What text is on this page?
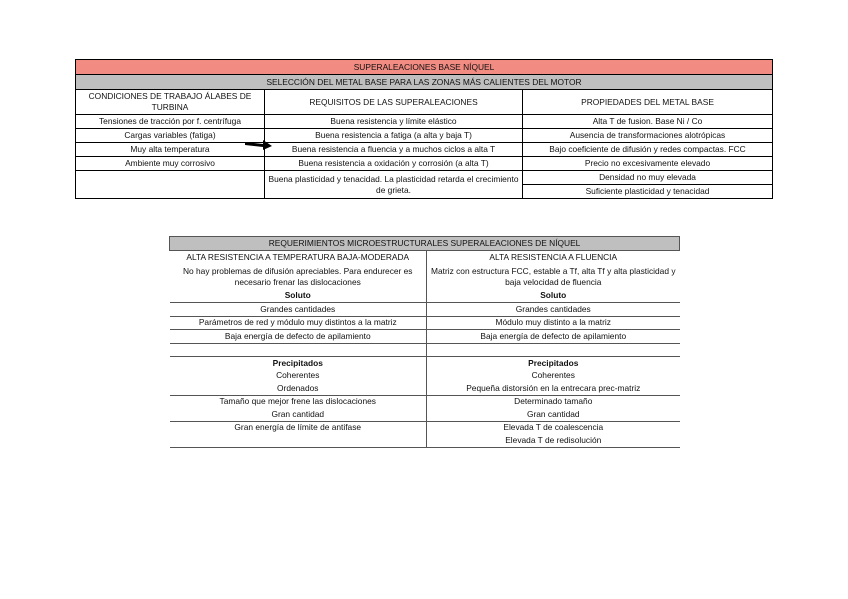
SUPERALEACIONES BASE NÍQUEL		
SELECCIÓN DEL METAL BASE PARA LAS ZONAS MÁS CALIENTES DEL MOTOR		
CONDICIONES DE TRABAJO ÁLABES DE TURBINA	REQUISITOS DE LAS SUPERALEACIONES	PROPIEDADES DEL METAL BASE
Tensiones de tracción por f. centrífuga	Buena resistencia y límite elástico	Alta T de fusion. Base Ni / Co
Cargas variables (fatiga)	Buena resistencia a fatiga (a alta y baja T)	Ausencia de transformaciones alotrópicas
Muy alta temperatura	Buena resistencia a fluencia y a muchos ciclos a alta T	Bajo coeficiente de difusión y redes compactas. FCC
Ambiente muy corrosivo	Buena resistencia a oxidación y corrosión (a alta T)	Precio no excesivamente elevado
	Buena plasticidad y tenacidad. La plasticidad retarda el crecimiento de grieta.	Densidad no muy elevada
		Suficiente plasticidad y tenacidad
REQUERIMIENTOS MICROESTRUCTURALES SUPERALEACIONES DE NÍQUEL	
ALTA RESISTENCIA A TEMPERATURA BAJA-MODERADA	ALTA RESISTENCIA A FLUENCIA
No hay problemas de difusión apreciables. Para endurecer es necesario frenar las dislocaciones	Matriz con estructura FCC, estable a Tf, alta Tf y alta plasticidad y baja velocidad de fluencia
Soluto	Soluto
Grandes cantidades	Grandes cantidades
Parámetros de red y módulo muy distintos a la matriz	Módulo muy distinto a la matriz
Baja energía de defecto de apilamiento	Baja energía de defecto de apilamiento

Precipitados	Precipitados
Coherentes	Coherentes
Ordenados	Pequeña distorsión en la entrecara prec-matriz
Tamaño que mejor frene las dislocaciones	Determinado tamaño
Gran cantidad	Gran cantidad
Gran energía de límite de antifase	Elevada T de coalescencia
	Elevada T de redisolución
